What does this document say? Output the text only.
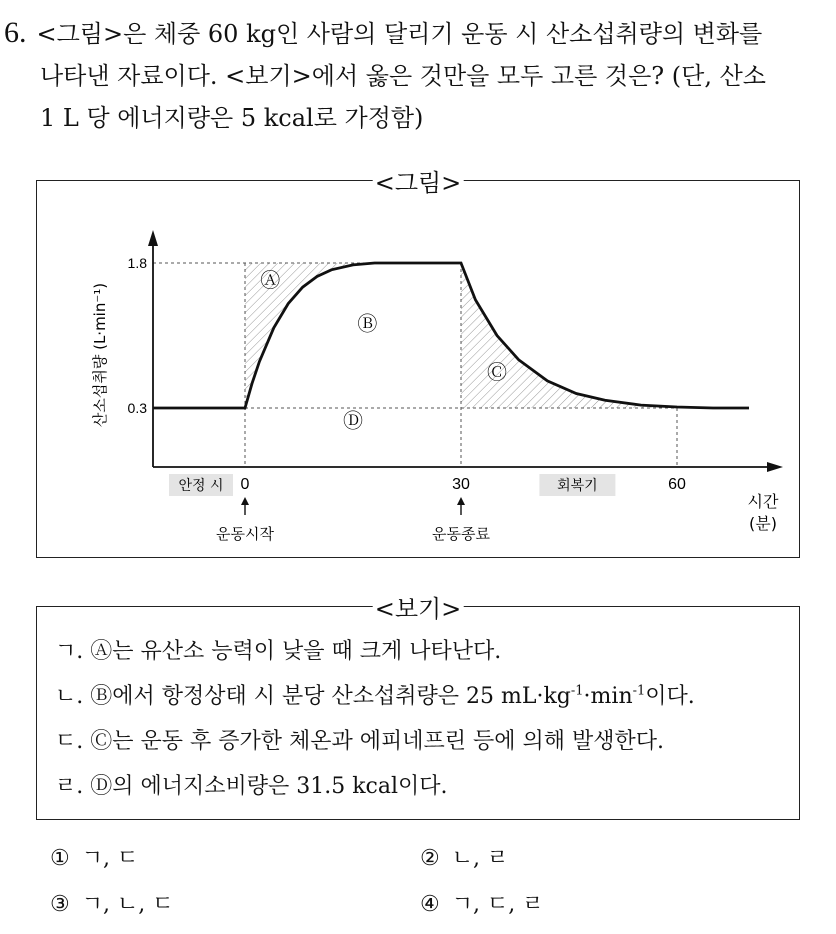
6. <그림>은 체중 60 kg인 사람의 달리기 운동 시 산소섭취량의 변화를
나타낸 자료이다. <보기>에서 옳은 것만을 모두 고른 것은? (단, 산소
1 L 당 에너지량은 5 kcal로 가정함)
<그림>
1.8
0.3
산소섭취량 (L·min⁻¹)
0	30	60
시간
(분)
안정 시	회복기
운동시작	운동종료
Ⓐ
Ⓑ
Ⓒ
Ⓓ
<보기>
ㄱ. Ⓐ는 유산소 능력이 낮을 때 크게 나타난다.
ㄴ. Ⓑ에서 항정상태 시 분당 산소섭취량은 25 $mL\cdot kg^{-1}\cdot\min^{-1}$이다.
ㄷ. Ⓒ는 운동 후 증가한 체온과 에피네프린 등에 의해 발생한다.
ㄹ. Ⓓ의 에너지소비량은 31.5 kcal이다.
① ㄱ, ㄷ	② ㄴ, ㄹ
③ ㄱ, ㄴ, ㄷ	④ ㄱ, ㄷ, ㄹ
